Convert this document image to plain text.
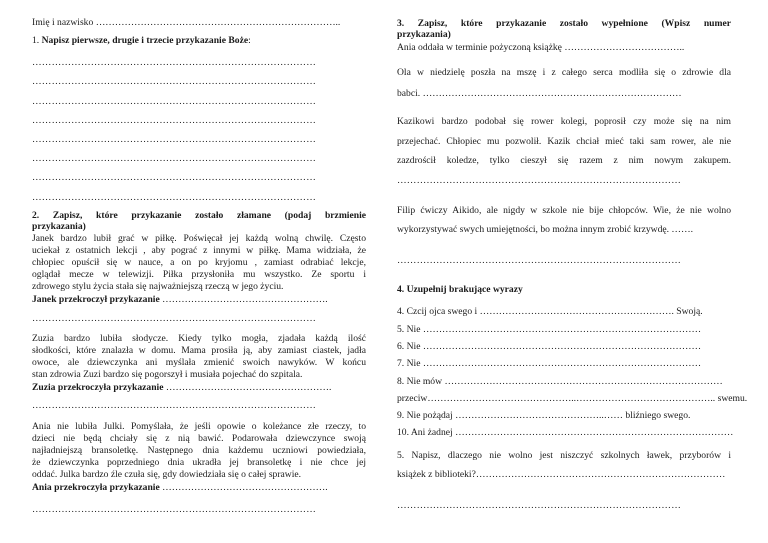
Imię i nazwisko …………………………………………………………………..
1. Napisz pierwsze, drugie i trzecie przykazanie Boże:
……………………………………………………………………………
……………………………………………………………………………
……………………………………………………………………………
……………………………………………………………………………
……………………………………………………………………………
……………………………………………………………………………
……………………………………………………………………………
……………………………………………………………………………
2. Zapisz, które przykazanie zostało złamane (podaj brzmienie
przykazania)
Janek bardzo lubił grać w piłkę. Poświęcał jej każdą wolną chwilę. Często
uciekał z ostatnich lekcji , aby pograć z innymi w piłkę. Mama widziała, że
chłopiec opuścił się w nauce, a on po kryjomu , zamiast odrabiać lekcje,
oglądał mecze w telewizji. Piłka przysłoniła mu wszystko. Ze sportu i
zdrowego stylu życia stała się najważniejszą rzeczą w jego życiu.
Janek przekroczył przykazanie …………………………………………….
……………………………………………………………………………
Zuzia bardzo lubiła słodycze. Kiedy tylko mogła, zjadała każdą ilość
słodkości, które znalazła w domu. Mama prosiła ją, aby zamiast ciastek, jadła
owoce, ale dziewczynka ani myślała zmienić swoich nawyków. W końcu
stan zdrowia Zuzi bardzo się pogorszył i musiała pojechać do szpitala.
Zuzia przekroczyła przykazanie …………………………………………….
……………………………………………………………………………
Ania nie lubiła Julki. Pomyślała, że jeśli opowie o koleżance złe rzeczy, to
dzieci nie będą chciały się z nią bawić. Podarowała dziewczynce swoją
najładniejszą bransoletkę. Następnego dnia każdemu uczniowi powiedziała,
że dziewczynka poprzedniego dnia ukradła jej bransoletkę i nie chce jej
oddać. Julka bardzo źle czuła się, gdy dowiedziała się o całej sprawie.
Ania przekroczyła przykazanie …………………………………………….
……………………………………………………………………………
3. Zapisz, które przykazanie zostało wypełnione (Wpisz numer
przykazania)
Ania oddała w terminie pożyczoną książkę ………………………………..
Ola w niedzielę poszła na mszę i z całego serca modliła się o zdrowie dla
babci. ………………………………………………………………………
Kazikowi bardzo podobał się rower kolegi, poprosił czy może się na nim
przejechać. Chłopiec mu pozwolił. Kazik chciał mieć taki sam rower, ale nie
zazdrościł koledze, tylko cieszył się razem z nim nowym zakupem.
……………………………………………………………………………
Filip ćwiczy Aikido, ale nigdy w szkole nie bije chłopców. Wie, że nie wolno
wykorzystywać swych umiejętności, bo można innym zrobić krzywdę. …….
……………………………………………………………………………
4. Uzupełnij brakujące wyrazy
4. Czcij ojca swego i ……………………………………………………. Swoją.
5. Nie ……………………………………………………………………………
6. Nie ……………………………………………………………………………
7. Nie ……………………………………………………………………………
8. Nie mów ……………………………………………………………………………
przeciw………………………………………..…………………………………….. swemu.
9. Nie pożądaj ………………………………………..…… bliźniego swego.
10. Ani żadnej ……………………………………………………………………………
5. Napisz, dlaczego nie wolno jest niszczyć szkolnych ławek, przyborów i
książek z biblioteki?……………………………………………………………………
……………………………………………………………………………
